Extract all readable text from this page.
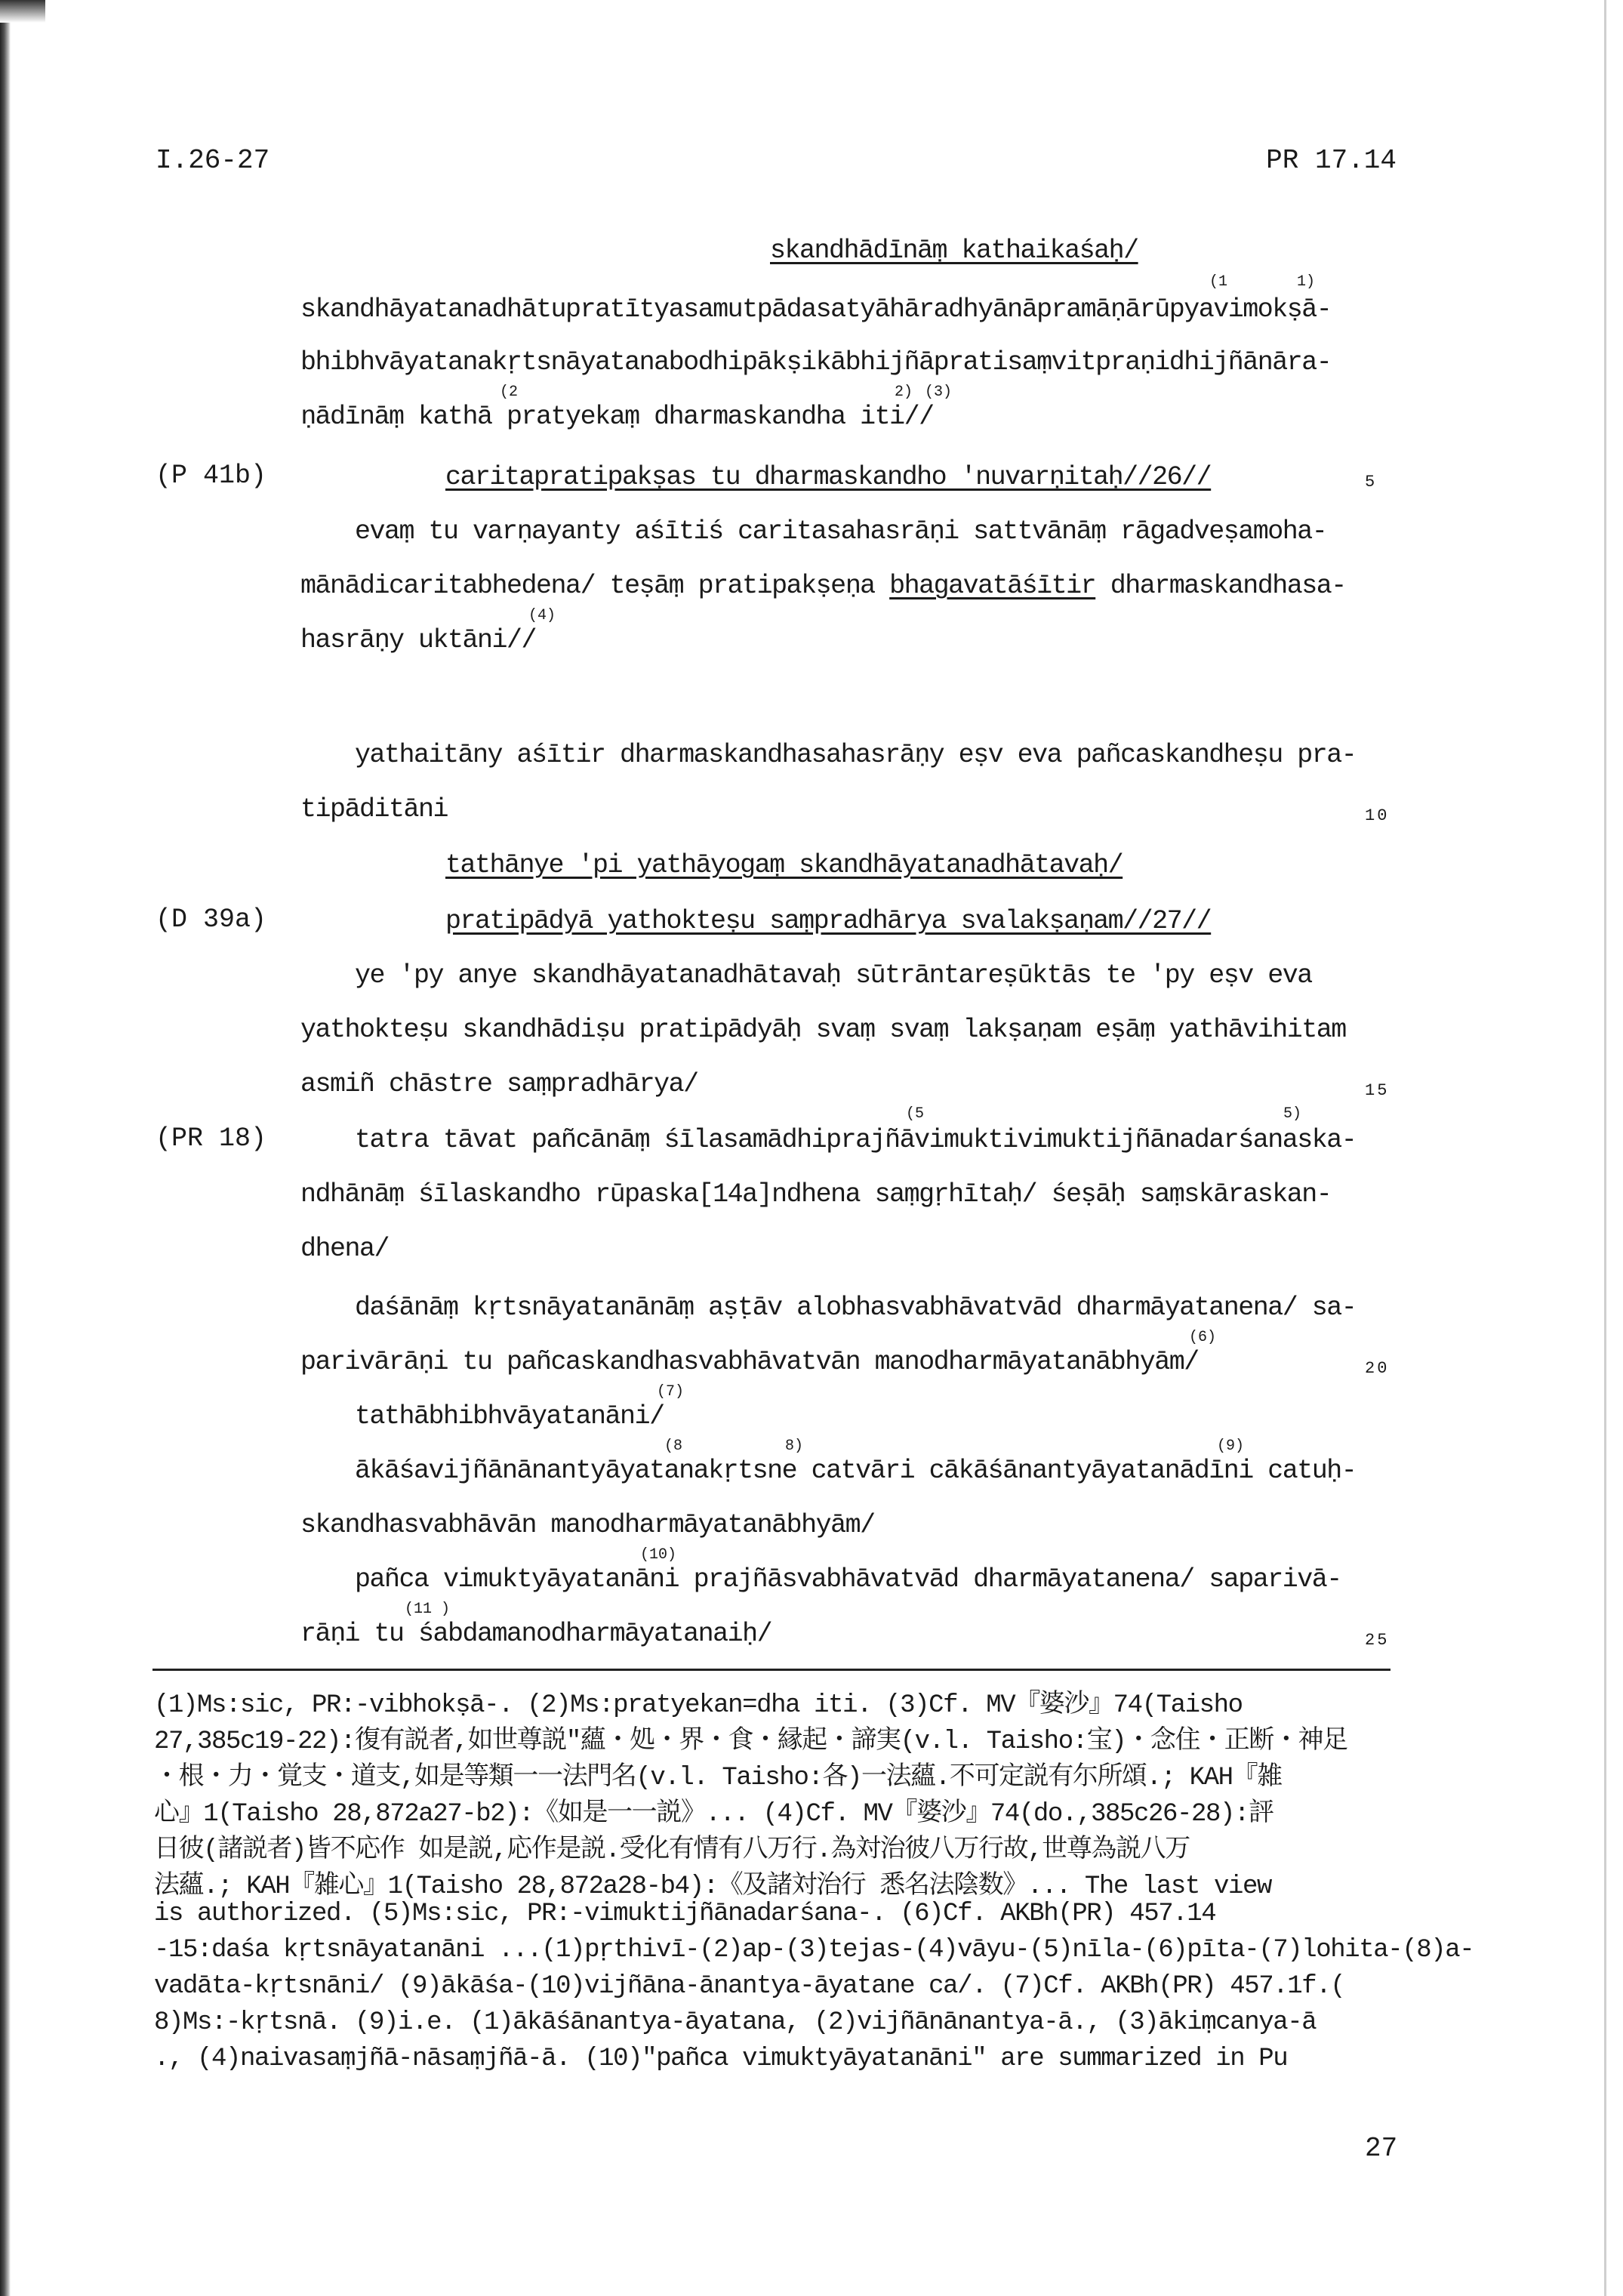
I.26-27	PR 17.14
skandhādīnāṃ kathaikaśaḥ/
(1	1)
skandhāyatanadhātupratītyasamutpādasatyāhāradhyānāpramāṇārūpyavimokṣā-
bhibhvāyatanakṛtsnāyatanabodhipākṣikābhijñāpratisaṃvitpraṇidhijñānāra-
(2	2) (3)
ṇādīnāṃ kathā pratyekaṃ dharmaskandha iti//
(P 41b)	caritapratipakṣas tu dharmaskandho 'nuvarṇitaḥ//26//	5
evaṃ tu varṇayanty aśītiś caritasahasrāṇi sattvānāṃ rāgadveṣamoha-
mānādicaritabhedena/ teṣāṃ pratipakṣeṇa bhagavatāśītir dharmaskandhasa-
(4)
hasrāṇy uktāni//
yathaitāny aśītir dharmaskandhasahasrāṇy eṣv eva pañcaskandheṣu pra-
tipāditāni	10
tathānye 'pi yathāyogaṃ skandhāyatanadhātavaḥ/
(D 39a)	pratipādyā yathokteṣu saṃpradhārya svalakṣaṇam//27//
ye 'py anye skandhāyatanadhātavaḥ sūtrāntareṣūktās te 'py eṣv eva
yathokteṣu skandhādiṣu pratipādyāḥ svaṃ svaṃ lakṣaṇam eṣāṃ yathāvihitam
asmiñ chāstre saṃpradhārya/	15
(5	5)
(PR 18)	tatra tāvat pañcānāṃ śīlasamādhiprajñāvimuktivimuktijñānadarśanaska-
ndhānāṃ śīlaskandho rūpaska[14a]ndhena saṃgṛhītaḥ/ śeṣāḥ saṃskāraskan-
dhena/
daśānāṃ kṛtsnāyatanānāṃ aṣṭāv alobhasvabhāvatvād dharmāyatanena/ sa-
(6)
parivārāṇi tu pañcaskandhasvabhāvatvān manodharmāyatanābhyām/	20
(7)
tathābhibhvāyatanāni/
(8	8)	(9)
ākāśavijñānānantyāyatanakṛtsne catvāri cākāśānantyāyatanādīni catuḥ-
skandhasvabhāvān manodharmāyatanābhyām/
(10)
pañca vimuktyāyatanāni prajñāsvabhāvatvād dharmāyatanena/ saparivā-
(11 )
rāṇi tu śabdamanodharmāyatanaiḥ/	25
(1)Ms:sic, PR:-vibhokṣā-. (2)Ms:pratyekan=dha iti. (3)Cf. MV『婆沙』74(Taisho
27,385c19-22):復有説者,如世尊説"蘊・処・界・食・縁起・諦実(v.l. Taisho:宝)・念住・正断・神足
・根・力・覚支・道支,如是等類一一法門名(v.l. Taisho:各)一法蘊.不可定説有尓所頌.; KAH『雑
心』1(Taisho 28,872a27-b2):《如是一一説》... (4)Cf. MV『婆沙』74(do.,385c26-28):評
日彼(諸説者)皆不応作 如是説,応作是説.受化有情有八万行.為対治彼八万行故,世尊為説八万
法蘊.; KAH『雑心』1(Taisho 28,872a28-b4):《及諸対治行 悉名法陰数》... The last view
is authorized. (5)Ms:sic, PR:-vimuktijñānadarśana-. (6)Cf. AKBh(PR) 457.14
-15:daśa kṛtsnāyatanāni ...(1)pṛthivī-(2)ap-(3)tejas-(4)vāyu-(5)nīla-(6)pīta-(7)lohita-(8)a-
vadāta-kṛtsnāni/ (9)ākāśa-(10)vijñāna-ānantya-āyatane ca/. (7)Cf. AKBh(PR) 457.1f.(
8)Ms:-kṛtsnā. (9)i.e. (1)ākāśānantya-āyatana, (2)vijñānānantya-ā., (3)ākiṃcanya-ā
., (4)naivasaṃjñā-nāsaṃjñā-ā. (10)"pañca vimuktyāyatanāni" are summarized in Pu
27
